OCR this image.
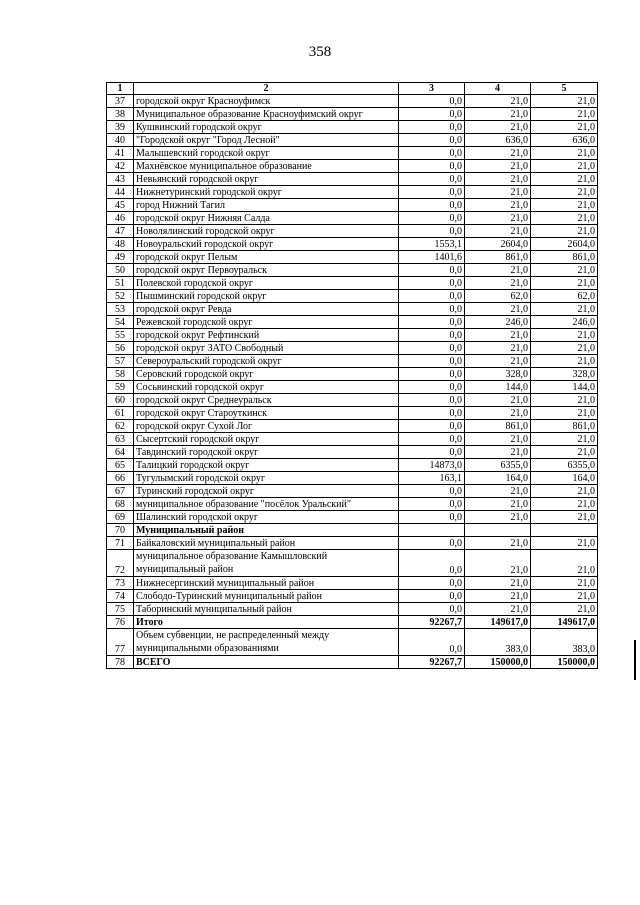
358
1	2	3	4	5
37	городской округ Красноуфимск	0,0	21,0	21,0
38	Муниципальное образование Красноуфимский округ	0,0	21,0	21,0
39	Кушвинский городской округ	0,0	21,0	21,0
40	"Городской округ "Город Лесной"	0,0	636,0	636,0
41	Малышевский городской округ	0,0	21,0	21,0
42	Махнёвское муниципальное образование	0,0	21,0	21,0
43	Невьянский городской округ	0,0	21,0	21,0
44	Нижнетуринский городской округ	0,0	21,0	21,0
45	город Нижний Тагил	0,0	21,0	21,0
46	городской округ Нижняя Салда	0,0	21,0	21,0
47	Новолялинский городской округ	0,0	21,0	21,0
48	Новоуральский городской округ	1553,1	2604,0	2604,0
49	городской округ Пелым	1401,6	861,0	861,0
50	городской округ Первоуральск	0,0	21,0	21,0
51	Полевской городской округ	0,0	21,0	21,0
52	Пышминский городской округ	0,0	62,0	62,0
53	городской округ Ревда	0,0	21,0	21,0
54	Режевской городской округ	0,0	246,0	246,0
55	городской округ Рефтинский	0,0	21,0	21,0
56	городской округ ЗАТО Свободный	0,0	21,0	21,0
57	Североуральский городской округ	0,0	21,0	21,0
58	Серовский городской округ	0,0	328,0	328,0
59	Сосьвинский городской округ	0,0	144,0	144,0
60	городской округ Среднеуральск	0,0	21,0	21,0
61	городской округ Староуткинск	0,0	21,0	21,0
62	городской округ Сухой Лог	0,0	861,0	861,0
63	Сысертский городской округ	0,0	21,0	21,0
64	Тавдинский городской округ	0,0	21,0	21,0
65	Талицкий городской округ	14873,0	6355,0	6355,0
66	Тугулымский городской округ	163,1	164,0	164,0
67	Туринский городской округ	0,0	21,0	21,0
68	муниципальное образование "посёлок Уральский"	0,0	21,0	21,0
69	Шалинский городской округ	0,0	21,0	21,0
70	Муниципальный район			
71	Байкаловский муниципальный район	0,0	21,0	21,0
72	муниципальное образование Камышловский муниципальный район	0,0	21,0	21,0
73	Нижнесергинский муниципальный район	0,0	21,0	21,0
74	Слободо-Туринский муниципальный район	0,0	21,0	21,0
75	Таборинский муниципальный район	0,0	21,0	21,0
76	Итого	92267,7	149617,0	149617,0
77	Объем субвенции, не распределенный между муниципальными образованиями	0,0	383,0	383,0
78	ВСЕГО	92267,7	150000,0	150000,0
